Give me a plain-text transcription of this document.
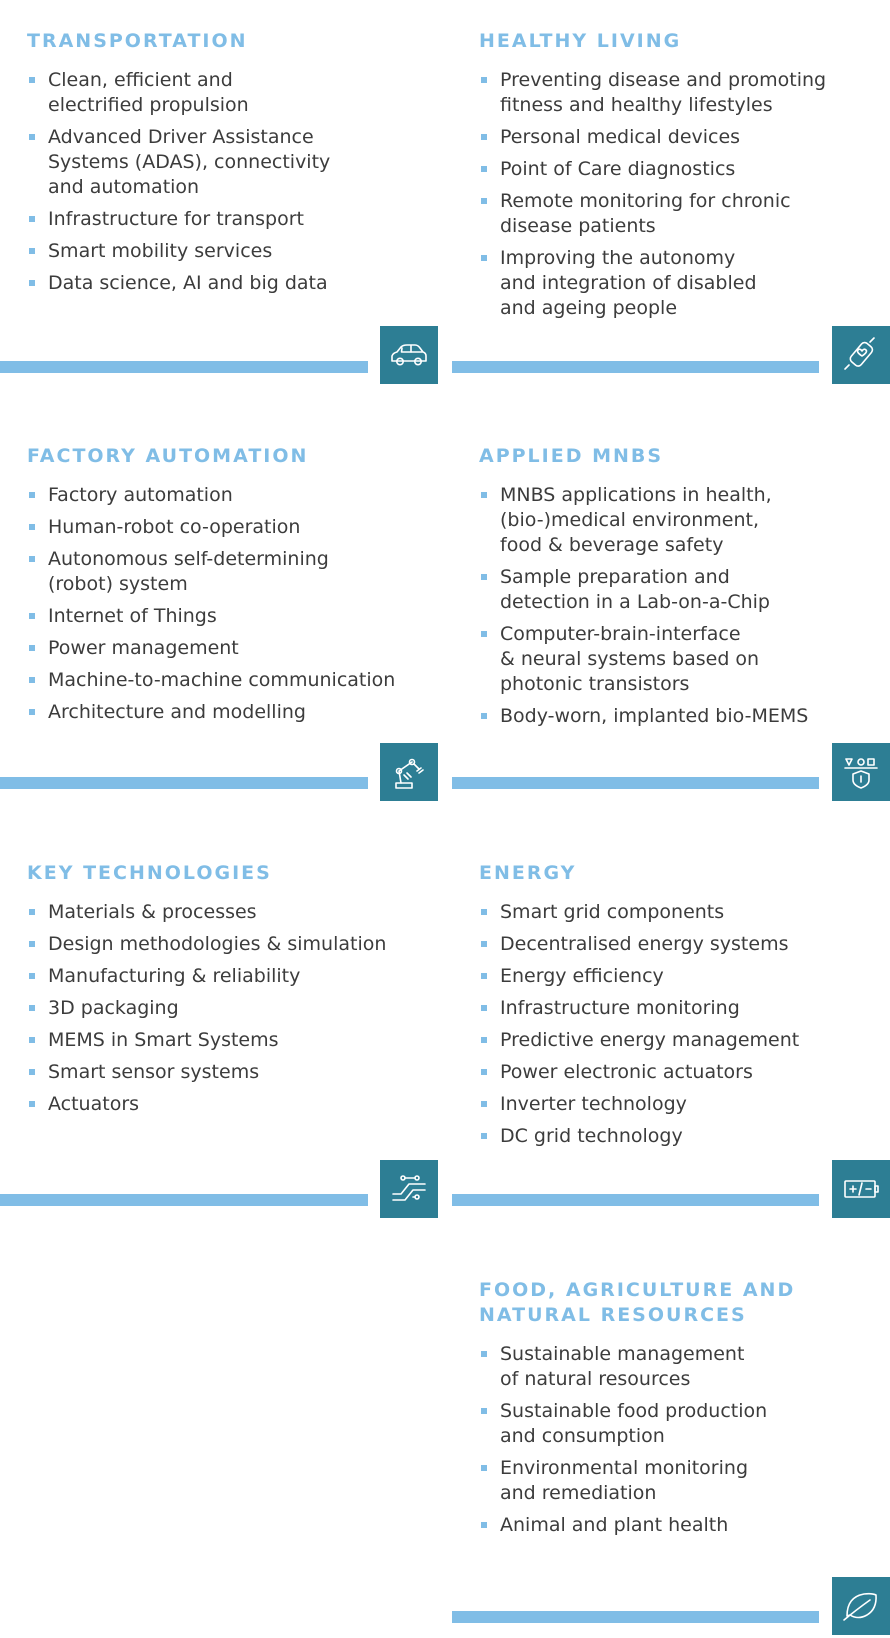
TRANSPORTATION
Clean, efficient and
electrified propulsion
Advanced Driver Assistance
Systems (ADAS), connectivity
and automation
Infrastructure for transport
Smart mobility services
Data science, AI and big data
HEALTHY LIVING
Preventing disease and promoting
fitness and healthy lifestyles
Personal medical devices
Point of Care diagnostics
Remote monitoring for chronic
disease patients
Improving the autonomy
and integration of disabled
and ageing people
FACTORY AUTOMATION
Factory automation
Human-robot co-operation
Autonomous self-determining
(robot) system
Internet of Things
Power management
Machine-to-machine communication
Architecture and modelling
APPLIED MNBS
MNBS applications in health,
(bio-)medical environment,
food & beverage safety
Sample preparation and
detection in a Lab-on-a-Chip
Computer-brain-interface
& neural systems based on
photonic transistors
Body-worn, implanted bio-MEMS
KEY TECHNOLOGIES
Materials & processes
Design methodologies & simulation
Manufacturing & reliability
3D packaging
MEMS in Smart Systems
Smart sensor systems
Actuators
ENERGY
Smart grid components
Decentralised energy systems
Energy efficiency
Infrastructure monitoring
Predictive energy management
Power electronic actuators
Inverter technology
DC grid technology
FOOD, AGRICULTURE AND
NATURAL RESOURCES
Sustainable management
of natural resources
Sustainable food production
and consumption
Environmental monitoring
and remediation
Animal and plant health
